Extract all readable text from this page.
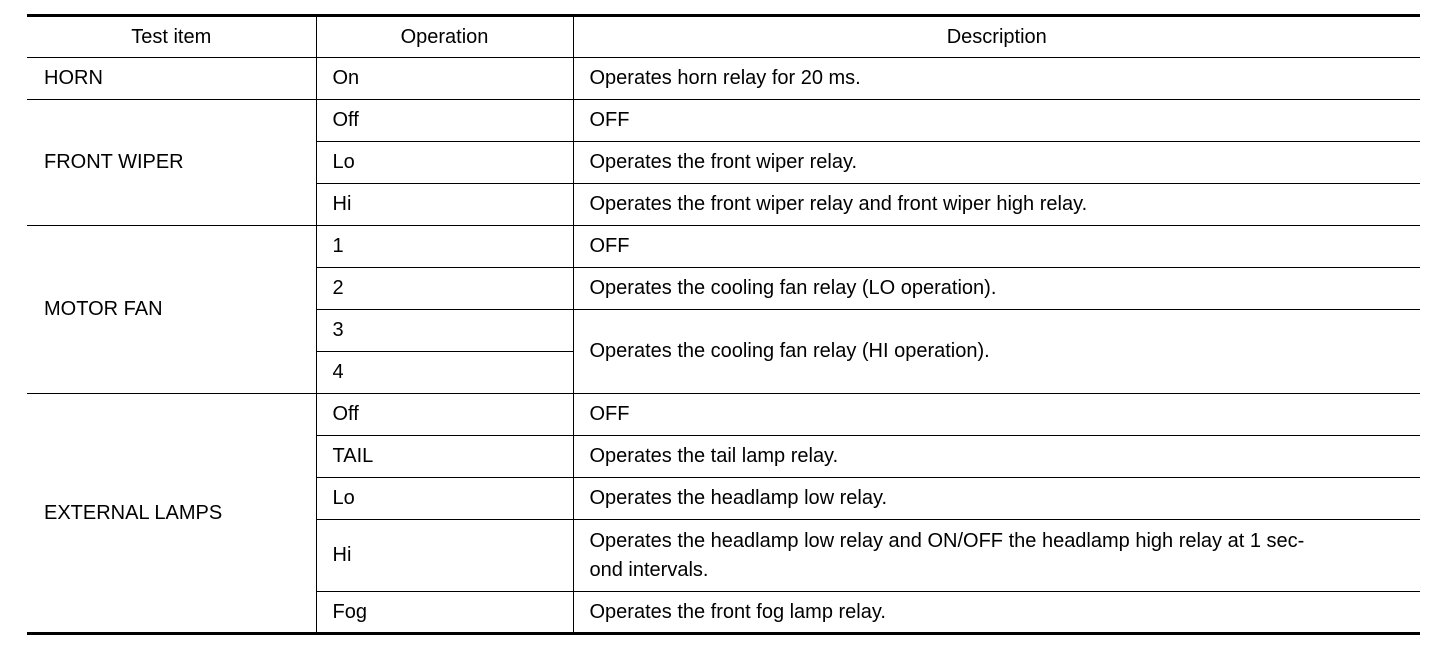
Test item	Operation	Description
HORN	On	Operates horn relay for 20 ms.
FRONT WIPER	Off	OFF
	Lo	Operates the front wiper relay.
	Hi	Operates the front wiper relay and front wiper high relay.
MOTOR FAN	1	OFF
	2	Operates the cooling fan relay (LO operation).
	3	Operates the cooling fan relay (HI operation).
	4	
EXTERNAL LAMPS	Off	OFF
	TAIL	Operates the tail lamp relay.
	Lo	Operates the headlamp low relay.
	Hi	Operates the headlamp low relay and ON/OFF the headlamp high relay at 1 sec-
ond intervals.
	Fog	Operates the front fog lamp relay.
